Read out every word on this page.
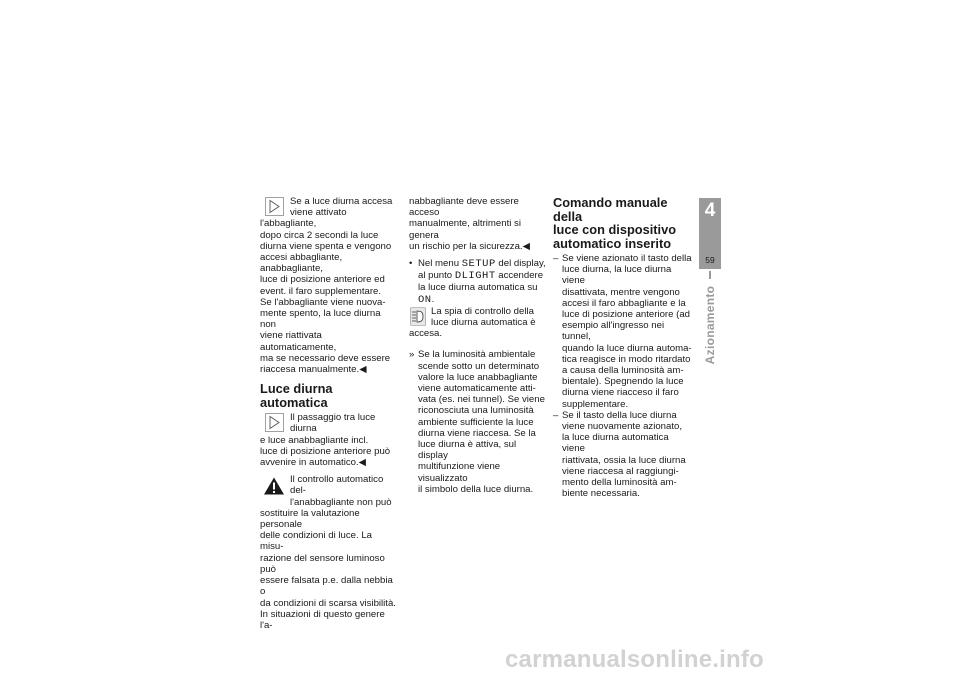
Se a luce diurna accesa

viene attivato l'abbagliante,

dopo circa 2 secondi la luce

diurna viene spenta e vengono

accesi abbagliante, anabbagliante,

luce di posizione anteriore ed

event. il faro supplementare.

Se l'abbagliante viene nuova-

mente spento, la luce diurna non

viene riattivata automaticamente,

ma se necessario deve essere

riaccesa manualmente.◀

Luce diurna automatica

Il passaggio tra luce diurna

e luce anabbagliante incl.

luce di posizione anteriore può

avvenire in automatico.◀

Il controllo automatico del-

l'anabbagliante non può

sostituire la valutazione personale

delle condizioni di luce. La misu-

razione del sensore luminoso può

essere falsata p.e. dalla nebbia o

da condizioni di scarsa visibilità.

In situazioni di questo genere l'a-

nabbagliante deve essere acceso

manualmente, altrimenti si genera

un rischio per la sicurezza.◀

• Nel menu SETUP del display,

al punto DLIGHT accendere

la luce diurna automatica su

ON.

La spia di controllo della

luce diurna automatica è

accesa.

» Se la luminosità ambientale

scende sotto un determinato

valore la luce anabbagliante

viene automaticamente atti-

vata (es. nei tunnel). Se viene

riconosciuta una luminosità

ambiente sufficiente la luce

diurna viene riaccesa. Se la

luce diurna è attiva, sul display

multifunzione viene visualizzato

il simbolo della luce diurna.

Comando manuale della
luce con dispositivo
automatico inserito
– Se viene azionato il tasto della

luce diurna, la luce diurna viene

disattivata, mentre vengono

accesi il faro abbagliante e la

luce di posizione anteriore (ad

esempio all'ingresso nei tunnel,

quando la luce diurna automa-

tica reagisce in modo ritardato

a causa della luminosità am-

bientale). Spegnendo la luce

diurna viene riacceso il faro

supplementare.

– Se il tasto della luce diurna

viene nuovamente azionato,

la luce diurna automatica viene

riattivata, ossia la luce diurna

viene riaccesa al raggiungi-

mento della luminosità am-

biente necessaria.

4
59
Azionamento
carmanualsonline.info
